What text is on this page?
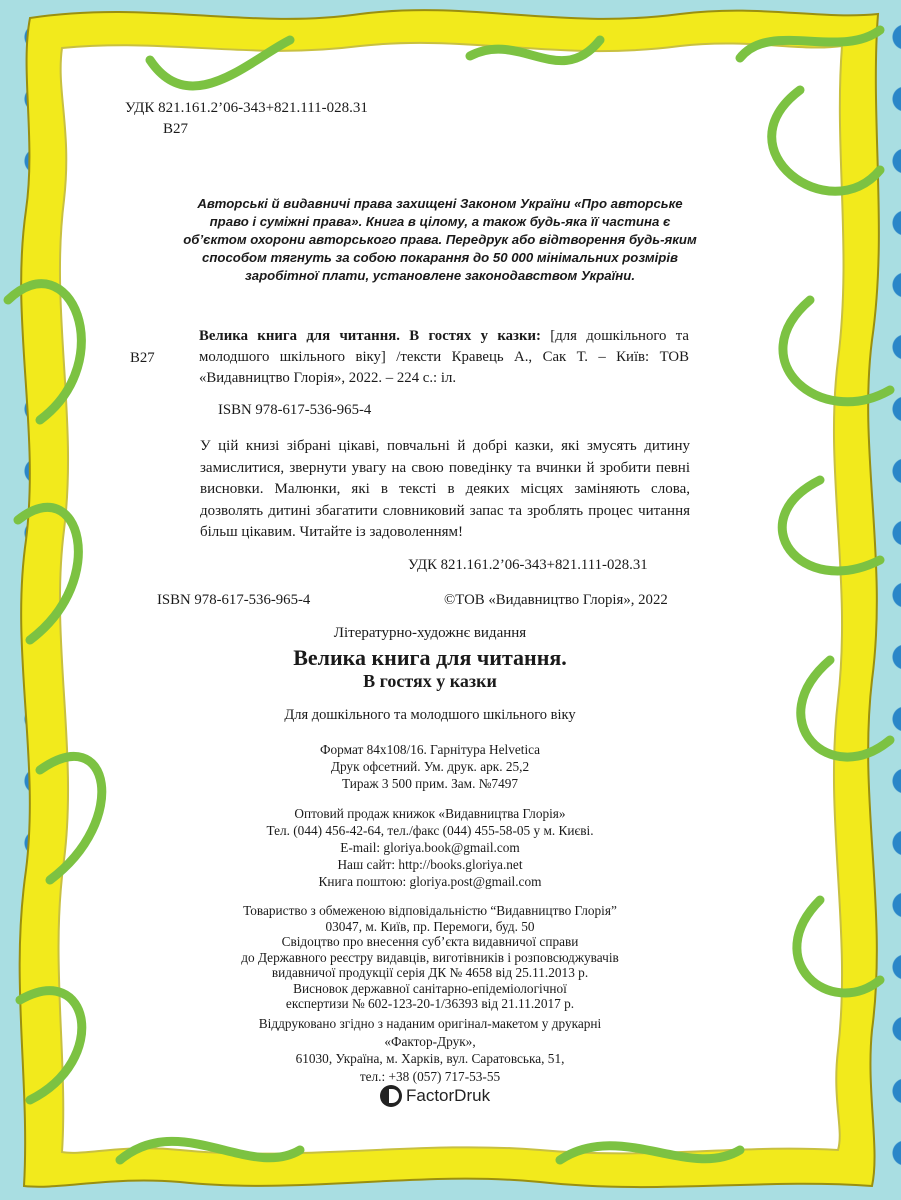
УДК 821.161.2’06-343+821.111-028.31
В27
Авторські й видавничі права захищені Законом України «Про авторське право і суміжні права». Книга в цілому, а також будь-яка її частина є об’єктом охорони авторського права. Передрук або відтворення будь-яким способом тягнуть за собою покарання до 50 000 мінімальних розмірів заробітної плати, установлене законодавством України.
В27
Велика книга для читання. В гостях у казки: [для дошкільного та молодшого шкільного віку] /тексти Кравець А., Сак Т. – Київ: ТОВ «Видавництво Глорія», 2022. – 224 с.: іл.
ISBN 978-617-536-965-4
У цій книзі зібрані цікаві, повчальні й добрі казки, які змусять дитину замислитися, звернути увагу на свою поведінку та вчинки й зробити певні висновки. Малюнки, які в тексті в деяких місцях заміняють слова, дозволять дитині збагатити словниковий запас та зроблять процес читання більш цікавим. Читайте із задоволенням!
УДК 821.161.2’06-343+821.111-028.31
ISBN 978-617-536-965-4	©ТОВ «Видавництво Глорія», 2022
Літературно-художнє видання
Велика книга для читання.
В гостях у казки
Для дошкільного та молодшого шкільного віку
Формат 84x108/16. Гарнітура Helvetica
Друк офсетний. Ум. друк. арк. 25,2
Тираж 3 500 прим. Зам. №7497
Оптовий продаж книжок «Видавництва Глорія»
Тел. (044) 456-42-64, тел./факс (044) 455-58-05 у м. Києві.
E-mail: gloriya.book@gmail.com
Наш сайт: http://books.gloriya.net
Книга поштою: gloriya.post@gmail.com
Товариство з обмеженою відповідальністю “Видавництво Глорія”
03047, м. Київ, пр. Перемоги, буд. 50
Свідоцтво про внесення суб’єкта видавничої справи
до Державного реєстру видавців, виготівників і розповсюджувачів
видавничої продукції серія ДК № 4658 від 25.11.2013 р.
Висновок державної санітарно-епідеміологічної
експертизи № 602-123-20-1/36393 від 21.11.2017 р.
Віддруковано згідно з наданим оригінал-макетом у друкарні
«Фактор-Друк»,
61030, Україна, м. Харків, вул. Саратовська, 51,
тел.: +38 (057) 717-53-55
FactorDruk
